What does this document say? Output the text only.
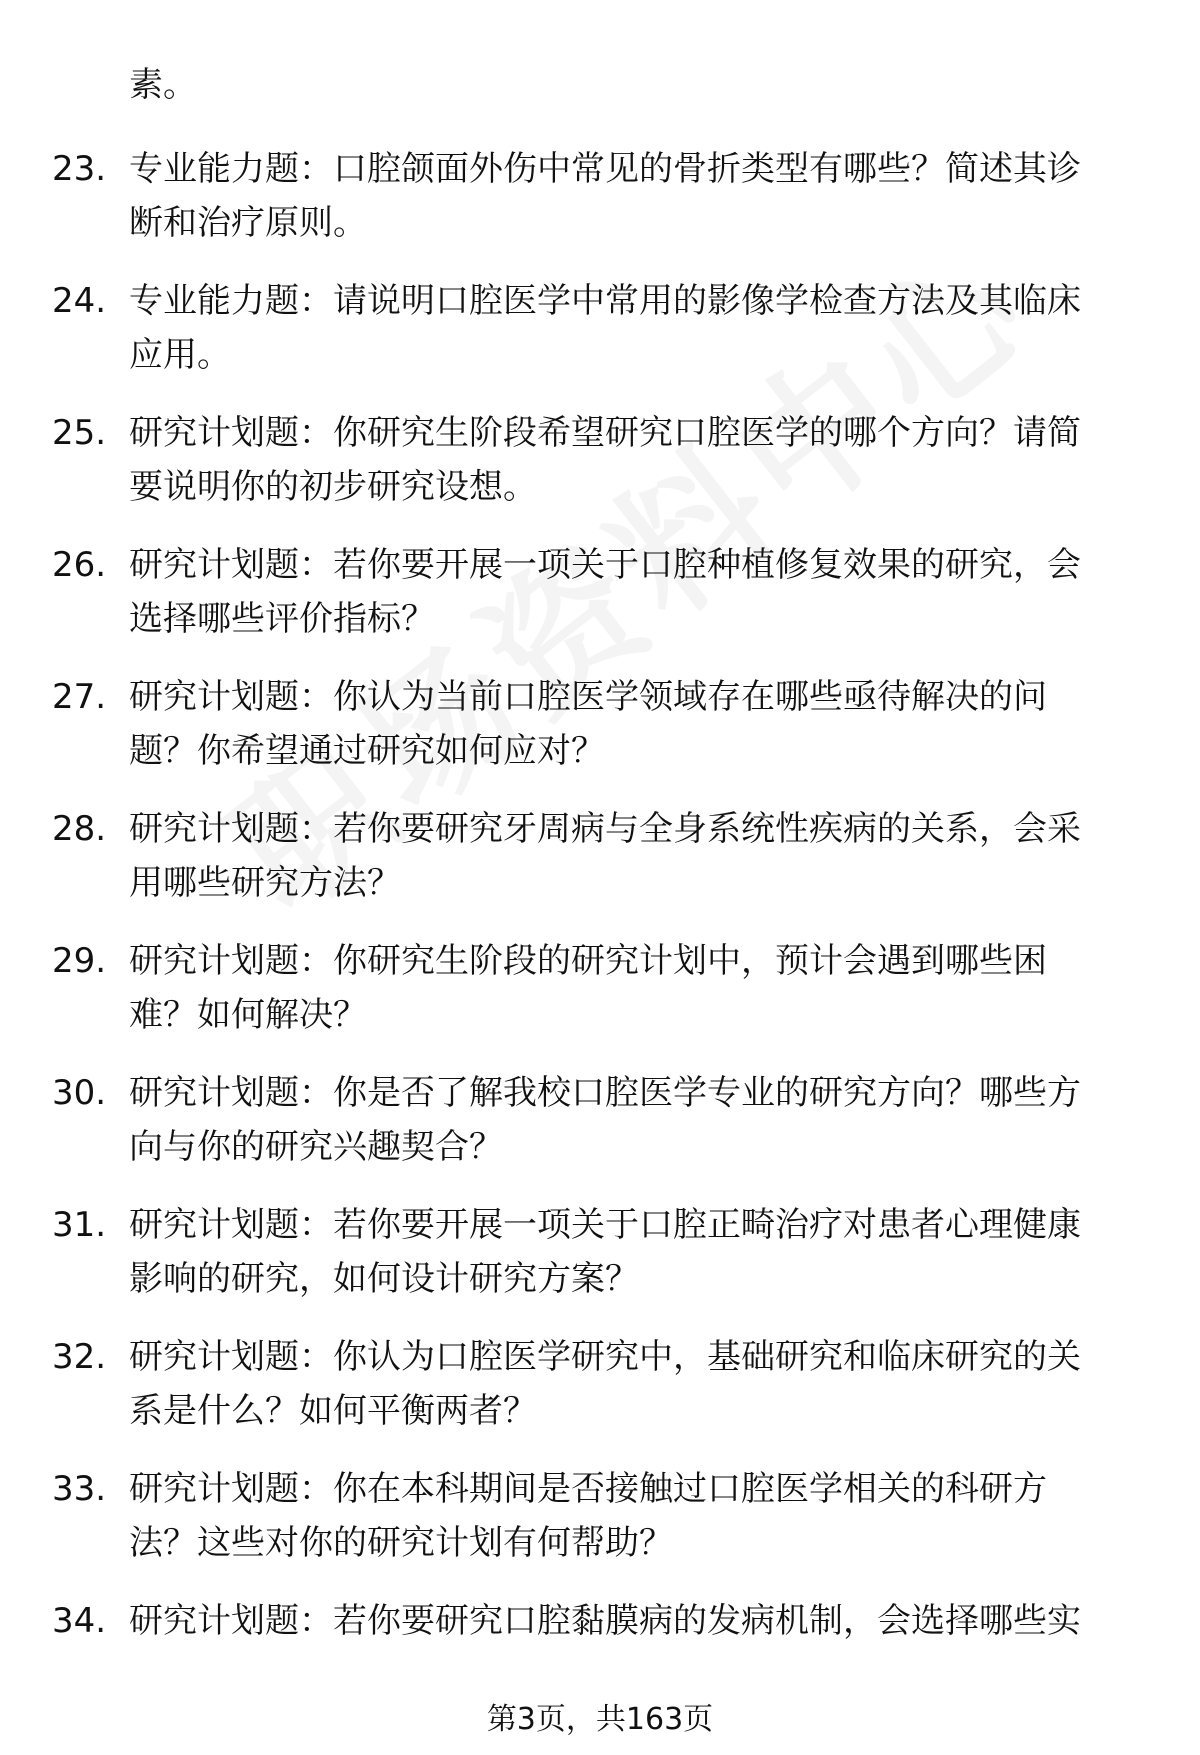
素。
23. 专业能力题：口腔颌面外伤中常见的骨折类型有哪些？简述其诊
断和治疗原则。
24. 专业能力题：请说明口腔医学中常用的影像学检查方法及其临床
应用。
25. 研究计划题：你研究生阶段希望研究口腔医学的哪个方向？请简
要说明你的初步研究设想。
26. 研究计划题：若你要开展一项关于口腔种植修复效果的研究，会
选择哪些评价指标？
27. 研究计划题：你认为当前口腔医学领域存在哪些亟待解决的问
题？你希望通过研究如何应对？
28. 研究计划题：若你要研究牙周病与全身系统性疾病的关系，会采
用哪些研究方法？
29. 研究计划题：你研究生阶段的研究计划中，预计会遇到哪些困
难？如何解决？
30. 研究计划题：你是否了解我校口腔医学专业的研究方向？哪些方
向与你的研究兴趣契合？
31. 研究计划题：若你要开展一项关于口腔正畸治疗对患者心理健康
影响的研究，如何设计研究方案？
32. 研究计划题：你认为口腔医学研究中，基础研究和临床研究的关
系是什么？如何平衡两者？
33. 研究计划题：你在本科期间是否接触过口腔医学相关的科研方
法？这些对你的研究计划有何帮助？
34. 研究计划题：若你要研究口腔黏膜病的发病机制，会选择哪些实
第3页，共163页
